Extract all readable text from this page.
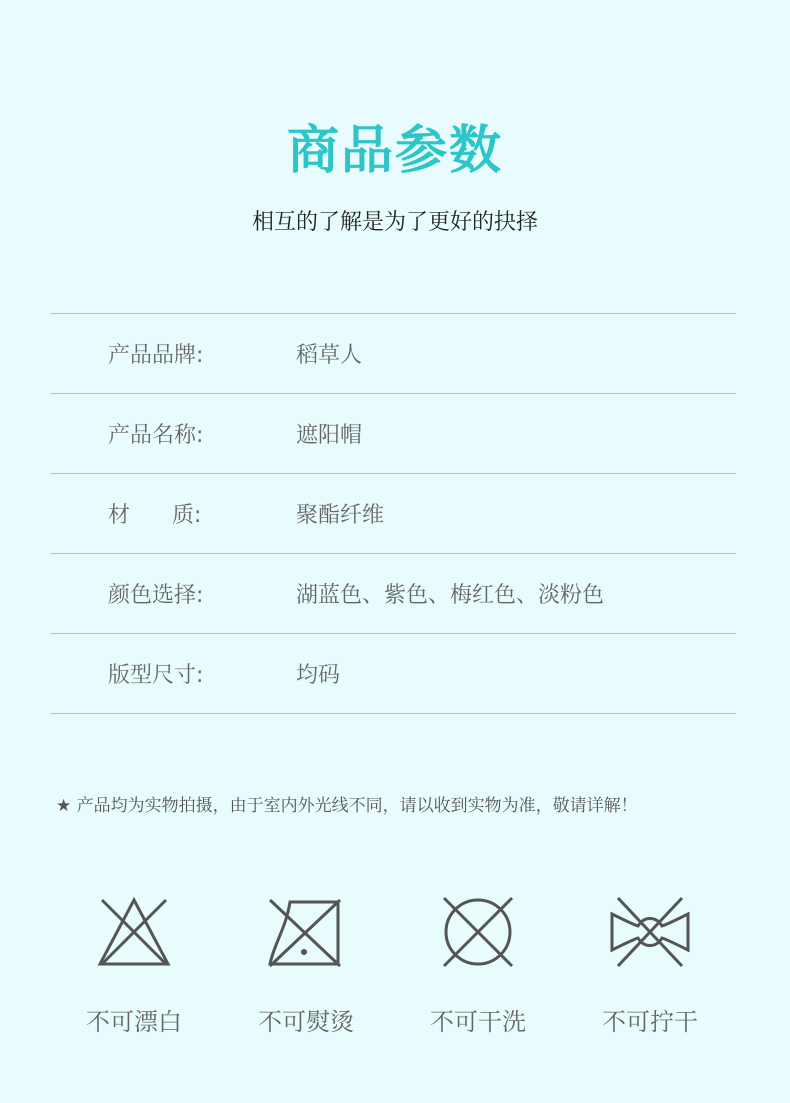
商品参数
相互的了解是为了更好的抉择
产品品牌:	稻草人
产品名称:	遮阳帽
材      质:	聚酯纤维
颜色选择:	湖蓝色、紫色、梅红色、淡粉色
版型尺寸:	均码
★ 产品均为实物拍摄，由于室内外光线不同，请以收到实物为准，敬请详解！
不可漂白	不可熨烫	不可干洗	不可拧干
